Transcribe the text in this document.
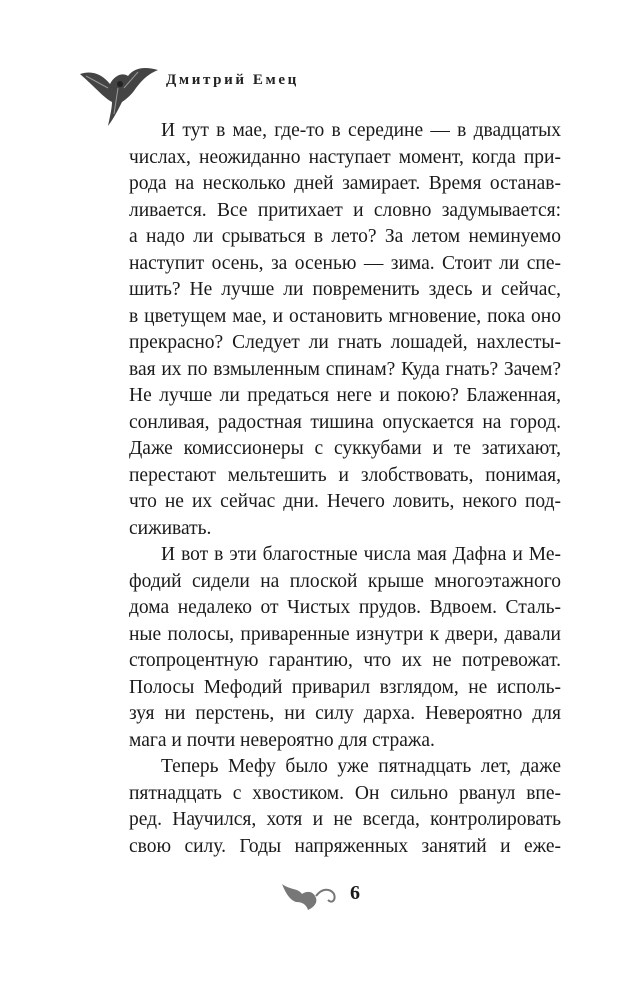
Дмитрий Емец
И тут в мае, где-то в середине — в двадцатых
числах, неожиданно наступает момент, когда при-
рода на несколько дней замирает. Время останав-
ливается. Все притихает и словно задумывается:
а надо ли срываться в лето? За летом неминуемо
наступит осень, за осенью — зима. Стоит ли спе-
шить? Не лучше ли повременить здесь и сейчас,
в цветущем мае, и остановить мгновение, пока оно
прекрасно? Следует ли гнать лошадей, нахлесты-
вая их по взмыленным спинам? Куда гнать? Зачем?
Не лучше ли предаться неге и покою? Блаженная,
сонливая, радостная тишина опускается на город.
Даже комиссионеры с суккубами и те затихают,
перестают мельтешить и злобствовать, понимая,
что не их сейчас дни. Нечего ловить, некого под-
сиживать.
И вот в эти благостные числа мая Дафна и Ме-
фодий сидели на плоской крыше многоэтажного
дома недалеко от Чистых прудов. Вдвоем. Сталь-
ные полосы, приваренные изнутри к двери, давали
стопроцентную гарантию, что их не потревожат.
Полосы Мефодий приварил взглядом, не исполь-
зуя ни перстень, ни силу дарха. Невероятно для
мага и почти невероятно для стража.
Теперь Мефу было уже пятнадцать лет, даже
пятнадцать с хвостиком. Он сильно рванул впе-
ред. Научился, хотя и не всегда, контролировать
свою силу. Годы напряженных занятий и еже-
6
